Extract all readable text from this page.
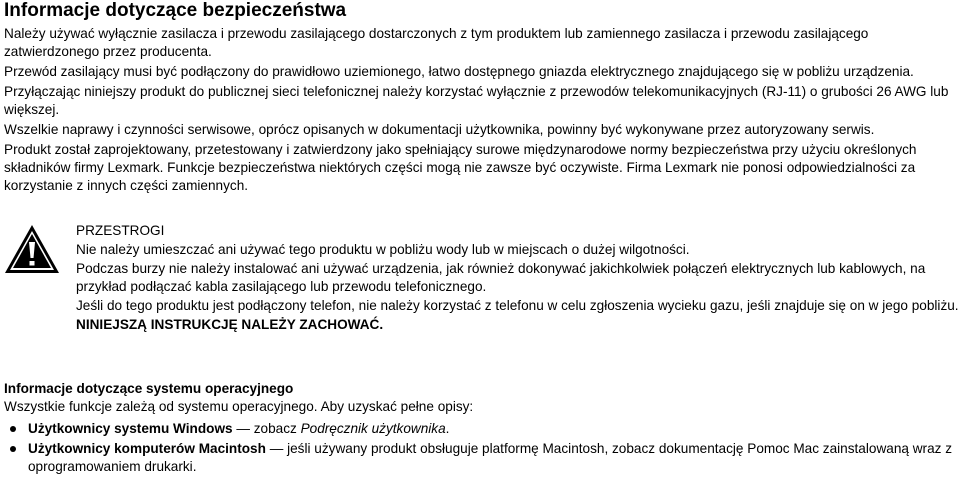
Informacje dotyczące bezpieczeństwa

Należy używać wyłącznie zasilacza i przewodu zasilającego dostarczonych z tym produktem lub zamiennego zasilacza i przewodu zasilającego zatwierdzonego przez producenta.

Przewód zasilający musi być podłączony do prawidłowo uziemionego, łatwo dostępnego gniazda elektrycznego znajdującego się w pobliżu urządzenia.

Przyłączając niniejszy produkt do publicznej sieci telefonicznej należy korzystać wyłącznie z przewodów telekomunikacyjnych (RJ-11) o grubości 26 AWG lub większej.

Wszelkie naprawy i czynności serwisowe, oprócz opisanych w dokumentacji użytkownika, powinny być wykonywane przez autoryzowany serwis.

Produkt został zaprojektowany, przetestowany i zatwierdzony jako spełniający surowe międzynarodowe normy bezpieczeństwa przy użyciu określonych składników firmy Lexmark. Funkcje bezpieczeństwa niektórych części mogą nie zawsze być oczywiste. Firma Lexmark nie ponosi odpowiedzialności za korzystanie z innych części zamiennych.

PRZESTROGI

Nie należy umieszczać ani używać tego produktu w pobliżu wody lub w miejscach o dużej wilgotności.

Podczas burzy nie należy instalować ani używać urządzenia, jak również dokonywać jakichkolwiek połączeń elektrycznych lub kablowych, na przykład podłączać kabla zasilającego lub przewodu telefonicznego.

Jeśli do tego produktu jest podłączony telefon, nie należy korzystać z telefonu w celu zgłoszenia wycieku gazu, jeśli znajduje się on w jego pobliżu.

NINIEJSZĄ INSTRUKCJĘ NALEŻY ZACHOWAĆ.

Informacje dotyczące systemu operacyjnego

Wszystkie funkcje zależą od systemu operacyjnego. Aby uzyskać pełne opisy:

Użytkownicy systemu Windows — zobacz Podręcznik użytkownika.
Użytkownicy komputerów Macintosh — jeśli używany produkt obsługuje platformę Macintosh, zobacz dokumentację Pomoc Mac zainstalowaną wraz z oprogramowaniem drukarki.
